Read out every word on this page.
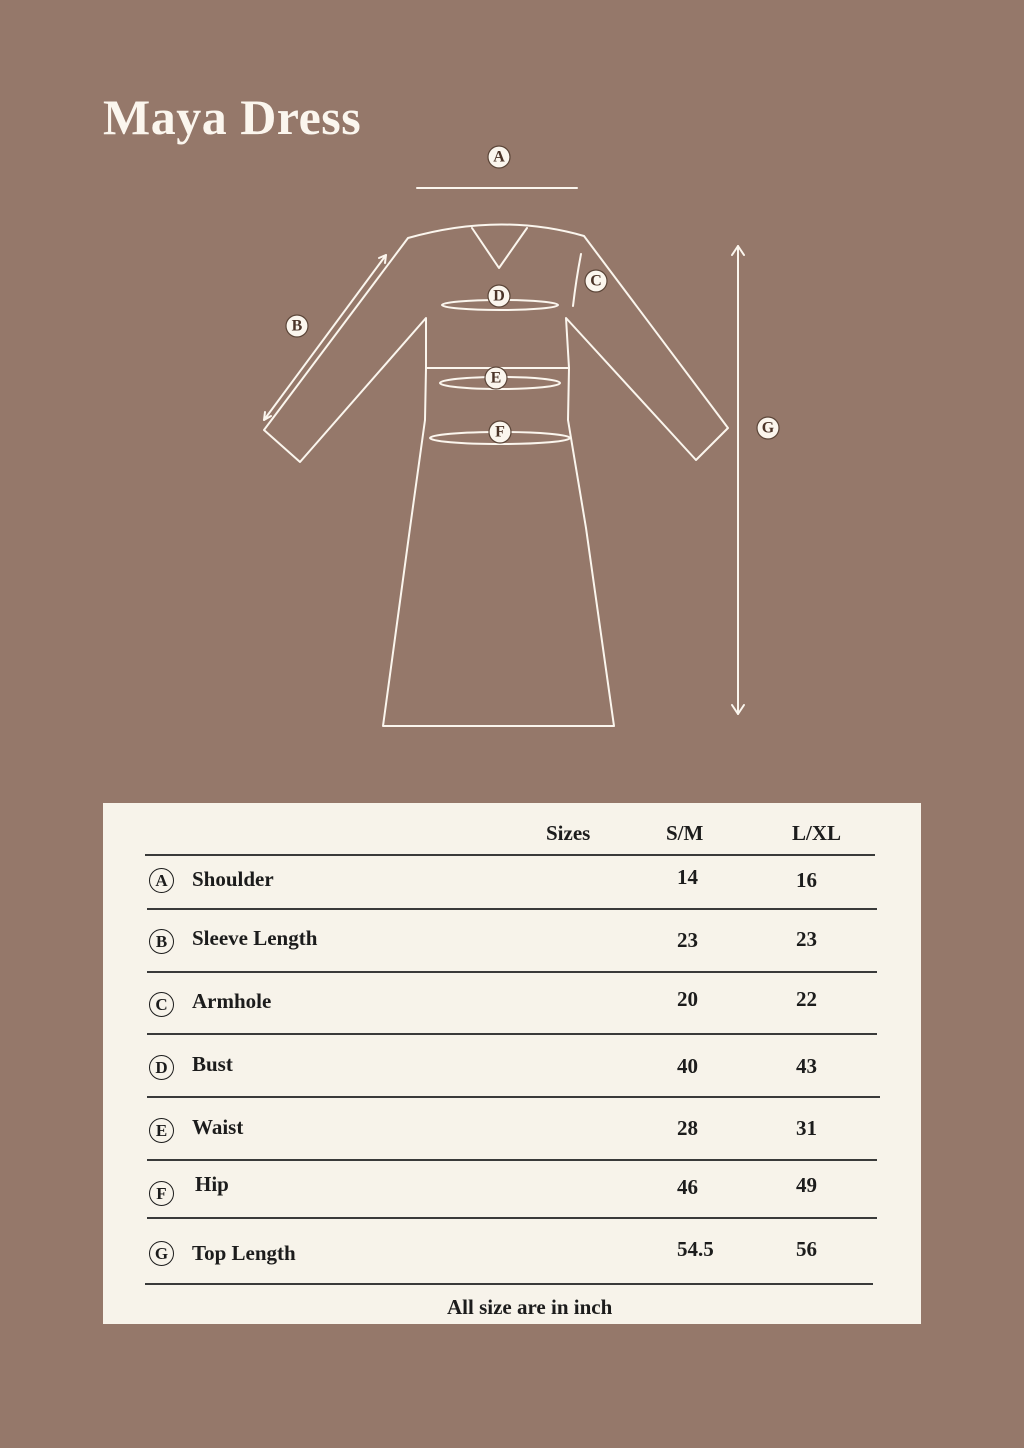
Maya Dress
A
B
C
D
E
F	G
Sizes	S/M	L/XL
A	Shoulder	14	16
B	Sleeve Length	23	23
C	Armhole	20	22
D	Bust	40	43
E	Waist	28	31
F	Hip	46	49
G Top Length	54.5	56
All size are in inch
